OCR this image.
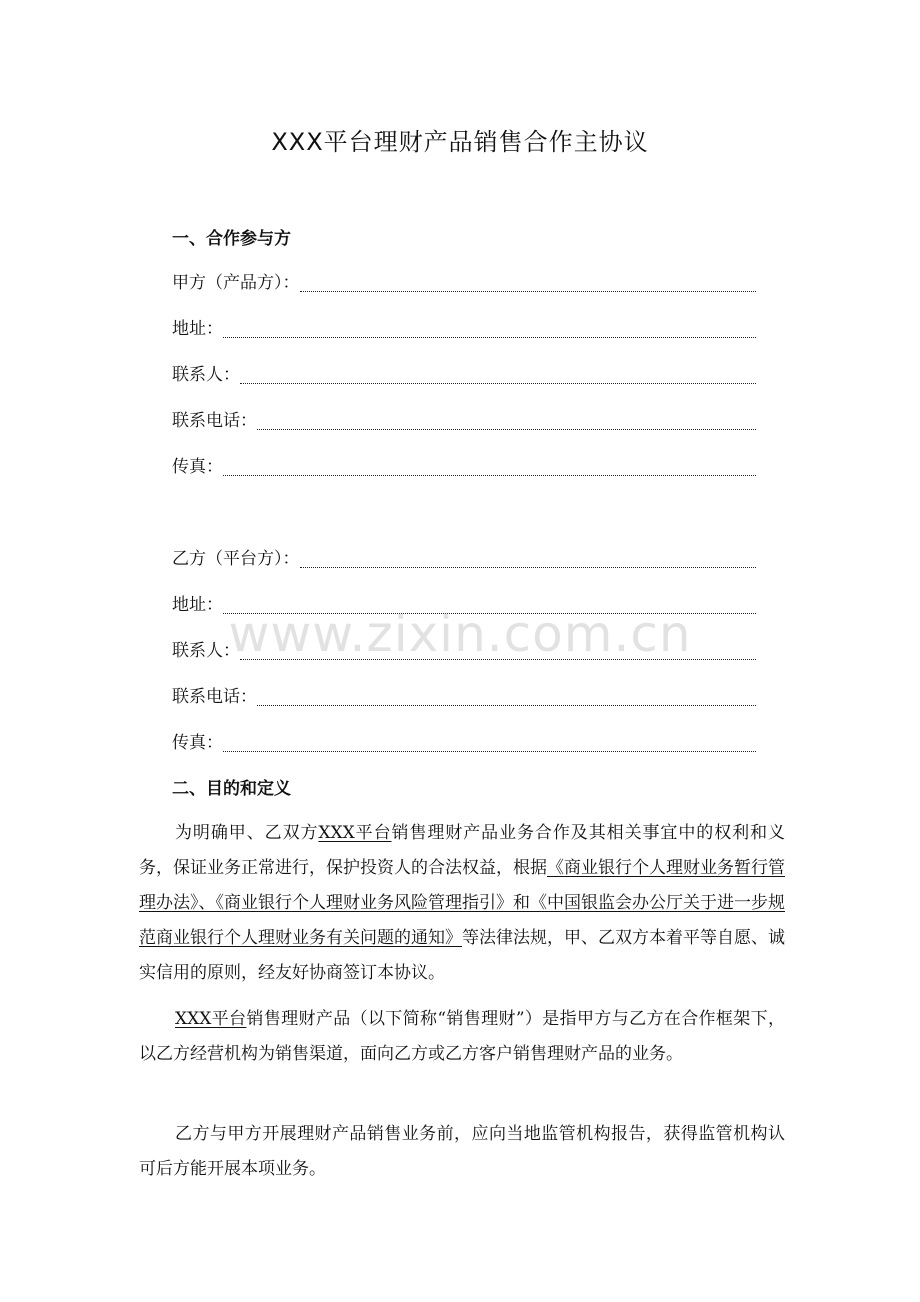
XXX平台理财产品销售合作主协议
一、合作参与方
甲方（产品方）：
地址：
联系人：
联系电话：
传真：
乙方（平台方）：
地址：
联系人：
联系电话：
传真：
二、目的和定义

为明确甲、乙双方XXX平台销售理财产品业务合作及其相关事宜中的权利和义务，保证业务正常进行，保护投资人的合法权益，根据《商业银行个人理财业务暂行管理办法》、《商业银行个人理财业务风险管理指引》和《中国银监会办公厅关于进一步规范商业银行个人理财业务有关问题的通知》等法律法规，甲、乙双方本着平等自愿、诚实信用的原则，经友好协商签订本协议。

XXX平台销售理财产品（以下简称“销售理财”）是指甲方与乙方在合作框架下，以乙方经营机构为销售渠道，面向乙方或乙方客户销售理财产品的业务。

乙方与甲方开展理财产品销售业务前，应向当地监管机构报告，获得监管机构认可后方能开展本项业务。

www.zixin.com.cn
